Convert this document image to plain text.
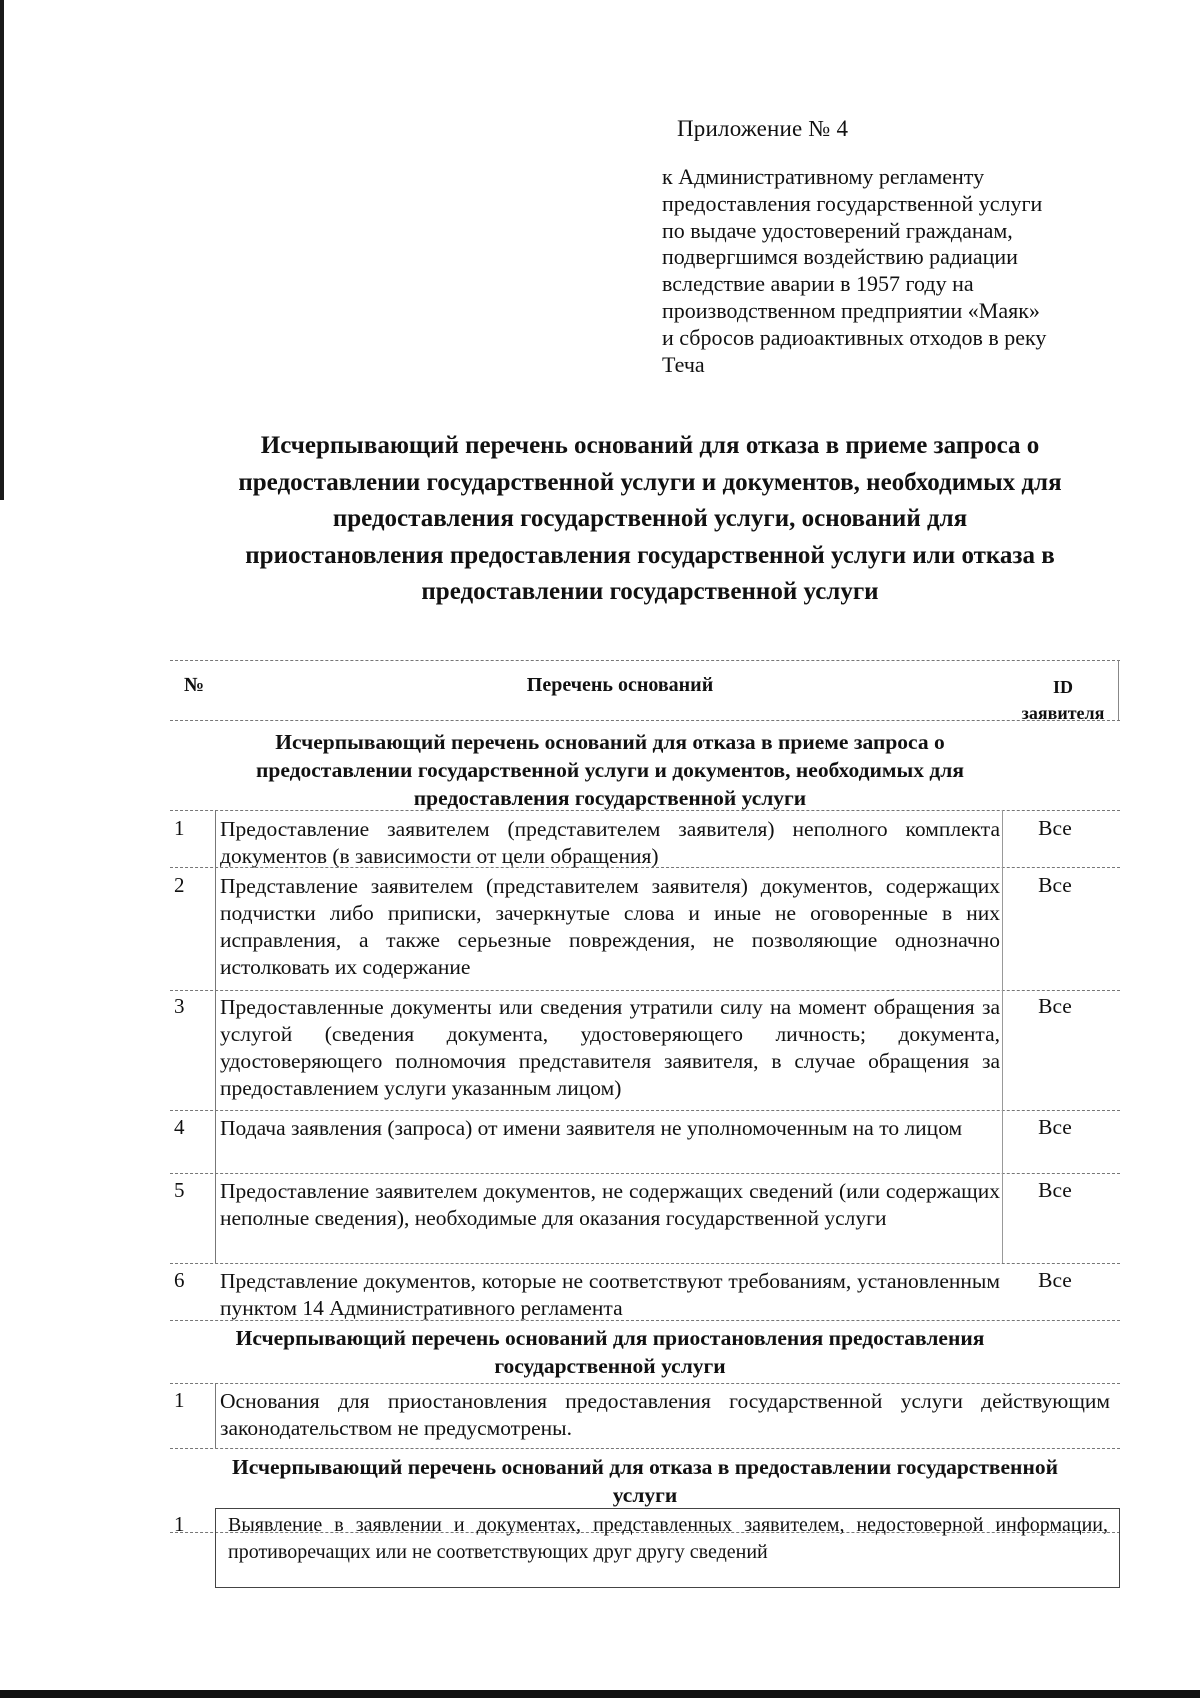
Приложение № 4
к Административному регламенту
предоставления государственной услуги
по выдаче удостоверений гражданам,
подвергшимся воздействию радиации
вследствие аварии в 1957 году на
производственном предприятии «Маяк»
и сбросов радиоактивных отходов в реку
Теча
Исчерпывающий перечень оснований для отказа в приеме запроса о
предоставлении государственной услуги и документов, необходимых для
предоставления государственной услуги, оснований для
приостановления предоставления государственной услуги или отказа в
предоставлении государственной услуги
№	Перечень оснований	ID
заявителя
Исчерпывающий перечень оснований для отказа в приеме запроса о
предоставлении государственной услуги и документов, необходимых для
предоставления государственной услуги
1 Предоставление заявителем (представителем заявителя) неполного комплекта документов (в зависимости от цели обращения)
Все
2 Представление заявителем (представителем заявителя) документов, содержащих подчистки либо приписки, зачеркнутые слова и иные не оговоренные в них исправления, а также серьезные повреждения, не позволяющие однозначно истолковать их содержание
Все
3 Предоставленные документы или сведения утратили силу на момент обращения за услугой (сведения документа, удостоверяющего личность; документа, удостоверяющего полномочия представителя заявителя, в случае обращения за предоставлением услуги указанным лицом)
Все
4 Подача заявления (запроса) от имени заявителя не уполномоченным на то лицом	Все
5 Предоставление заявителем документов, не содержащих сведений (или содержащих неполные сведения), необходимые для оказания государственной услуги
Все
6 Представление документов, которые не соответствуют требованиям, установленным пунктом 14 Административного регламента
Все
Исчерпывающий перечень оснований для приостановления предоставления
государственной услуги
1 Основания для приостановления предоставления государственной услуги действующим законодательством не предусмотрены.
Исчерпывающий перечень оснований для отказа в предоставлении государственной
услуги
1 Выявление в заявлении и документах, представленных заявителем, недостоверной информации, противоречащих или не соответствующих друг другу сведений
